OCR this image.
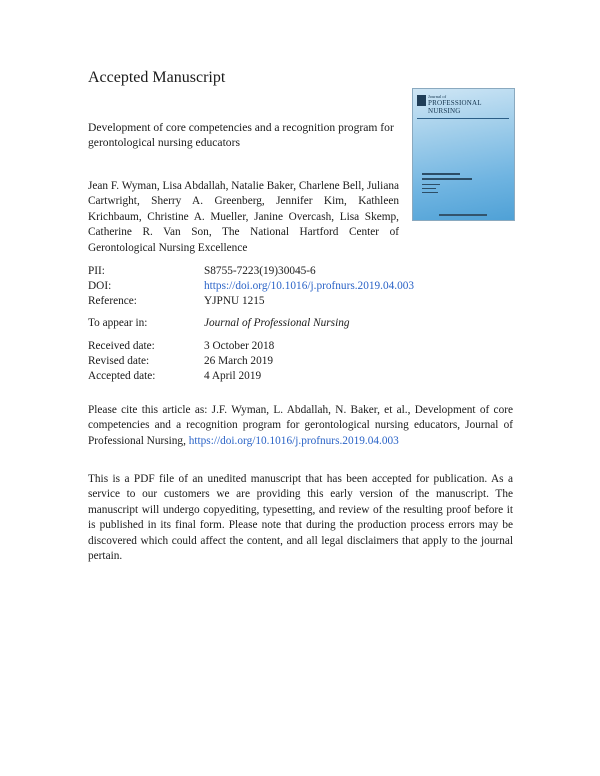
Accepted Manuscript
Development of core competencies and a recognition program for gerontological nursing educators
Jean F. Wyman, Lisa Abdallah, Natalie Baker, Charlene Bell, Juliana Cartwright, Sherry A. Greenberg, Jennifer Kim, Kathleen Krichbaum, Christine A. Mueller, Janine Overcash, Lisa Skemp, Catherine R. Van Son, The National Hartford Center of Gerontological Nursing Excellence
Journal of
PROFESSIONAL
NURSING
PII:	S8755-7223(19)30045-6
DOI:	https://doi.org/10.1016/j.profnurs.2019.04.003
Reference:	YJPNU 1215
To appear in:	Journal of Professional Nursing
Received date:	3 October 2018
Revised date:	26 March 2019
Accepted date:	4 April 2019
Please cite this article as: J.F. Wyman, L. Abdallah, N. Baker, et al., Development of core competencies and a recognition program for gerontological nursing educators, Journal of Professional Nursing, https://doi.org/10.1016/j.profnurs.2019.04.003
This is a PDF file of an unedited manuscript that has been accepted for publication. As a service to our customers we are providing this early version of the manuscript. The manuscript will undergo copyediting, typesetting, and review of the resulting proof before it is published in its final form. Please note that during the production process errors may be discovered which could affect the content, and all legal disclaimers that apply to the journal pertain.
